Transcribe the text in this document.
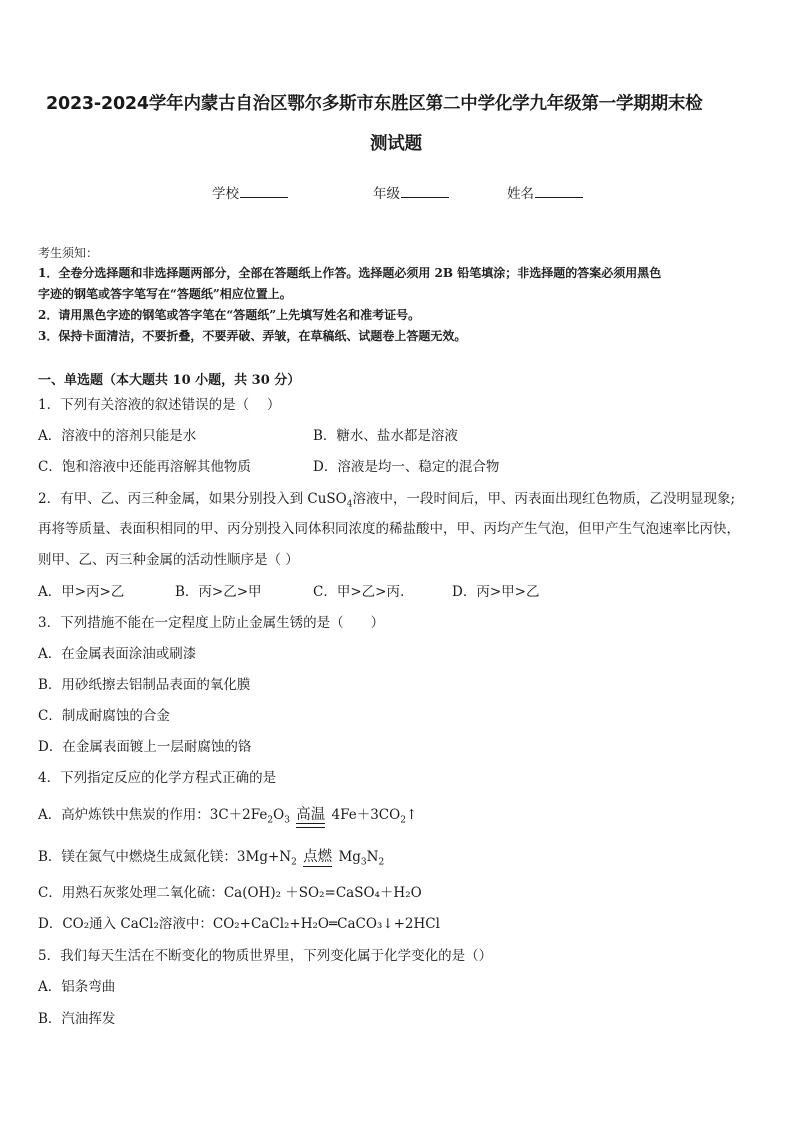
2023-2024学年内蒙古自治区鄂尔多斯市东胜区第二中学化学九年级第一学期期末检
测试题
学校	年级	姓名
考生须知：
1．全卷分选择题和非选择题两部分，全部在答题纸上作答。选择题必须用 2B 铅笔填涂；非选择题的答案必须用黑色
字迹的钢笔或答字笔写在“答题纸”相应位置上。
2．请用黑色字迹的钢笔或答字笔在“答题纸”上先填写姓名和准考证号。
3．保持卡面清洁，不要折叠，不要弄破、弄皱，在草稿纸、试题卷上答题无效。
一、单选题（本大题共 10 小题，共 30 分）
1．下列有关溶液的叙述错误的是（　 ）
A．溶液中的溶剂只能是水	B．糖水、盐水都是溶液
C．饱和溶液中还能再溶解其他物质	D．溶液是均一、稳定的混合物
2．有甲、乙、丙三种金属，如果分别投入到 CuSO$_4$溶液中，一段时间后，甲、丙表面出现红色物质，乙没明显现象;
再将等质量、表面积相同的甲、丙分别投入同体积同浓度的稀盐酸中，甲、丙均产生气泡，但甲产生气泡速率比丙快，
则甲、乙、丙三种金属的活动性顺序是（ ）
A．甲>丙>乙	B．丙>乙>甲	C．甲>乙>丙.	D．丙>甲>乙
3．下列措施不能在一定程度上防止金属生锈的是（　　）
A．在金属表面涂油或刷漆
B．用砂纸擦去铝制品表面的氧化膜
C．制成耐腐蚀的合金
D．在金属表面镀上一层耐腐蚀的铬
4．下列指定反应的化学方程式正确的是
A．高炉炼铁中焦炭的作用：$3C+2Fe_2O_3$ 高温 $4Fe+3CO_2↑$
B．镁在氮气中燃烧生成氮化镁：$3Mg+N_2$ 点燃 $Mg_3N_2$
C．用熟石灰浆处理二氧化硫：Ca(OH)₂ ＋SO₂=CaSO₄＋H₂O
D．CO₂通入 CaCl₂溶液中：CO₂+CaCl₂+H₂O═CaCO₃↓+2HCl
5．我们每天生活在不断变化的物质世界里，下列变化属于化学变化的是（）
A．铝条弯曲
B．汽油挥发
